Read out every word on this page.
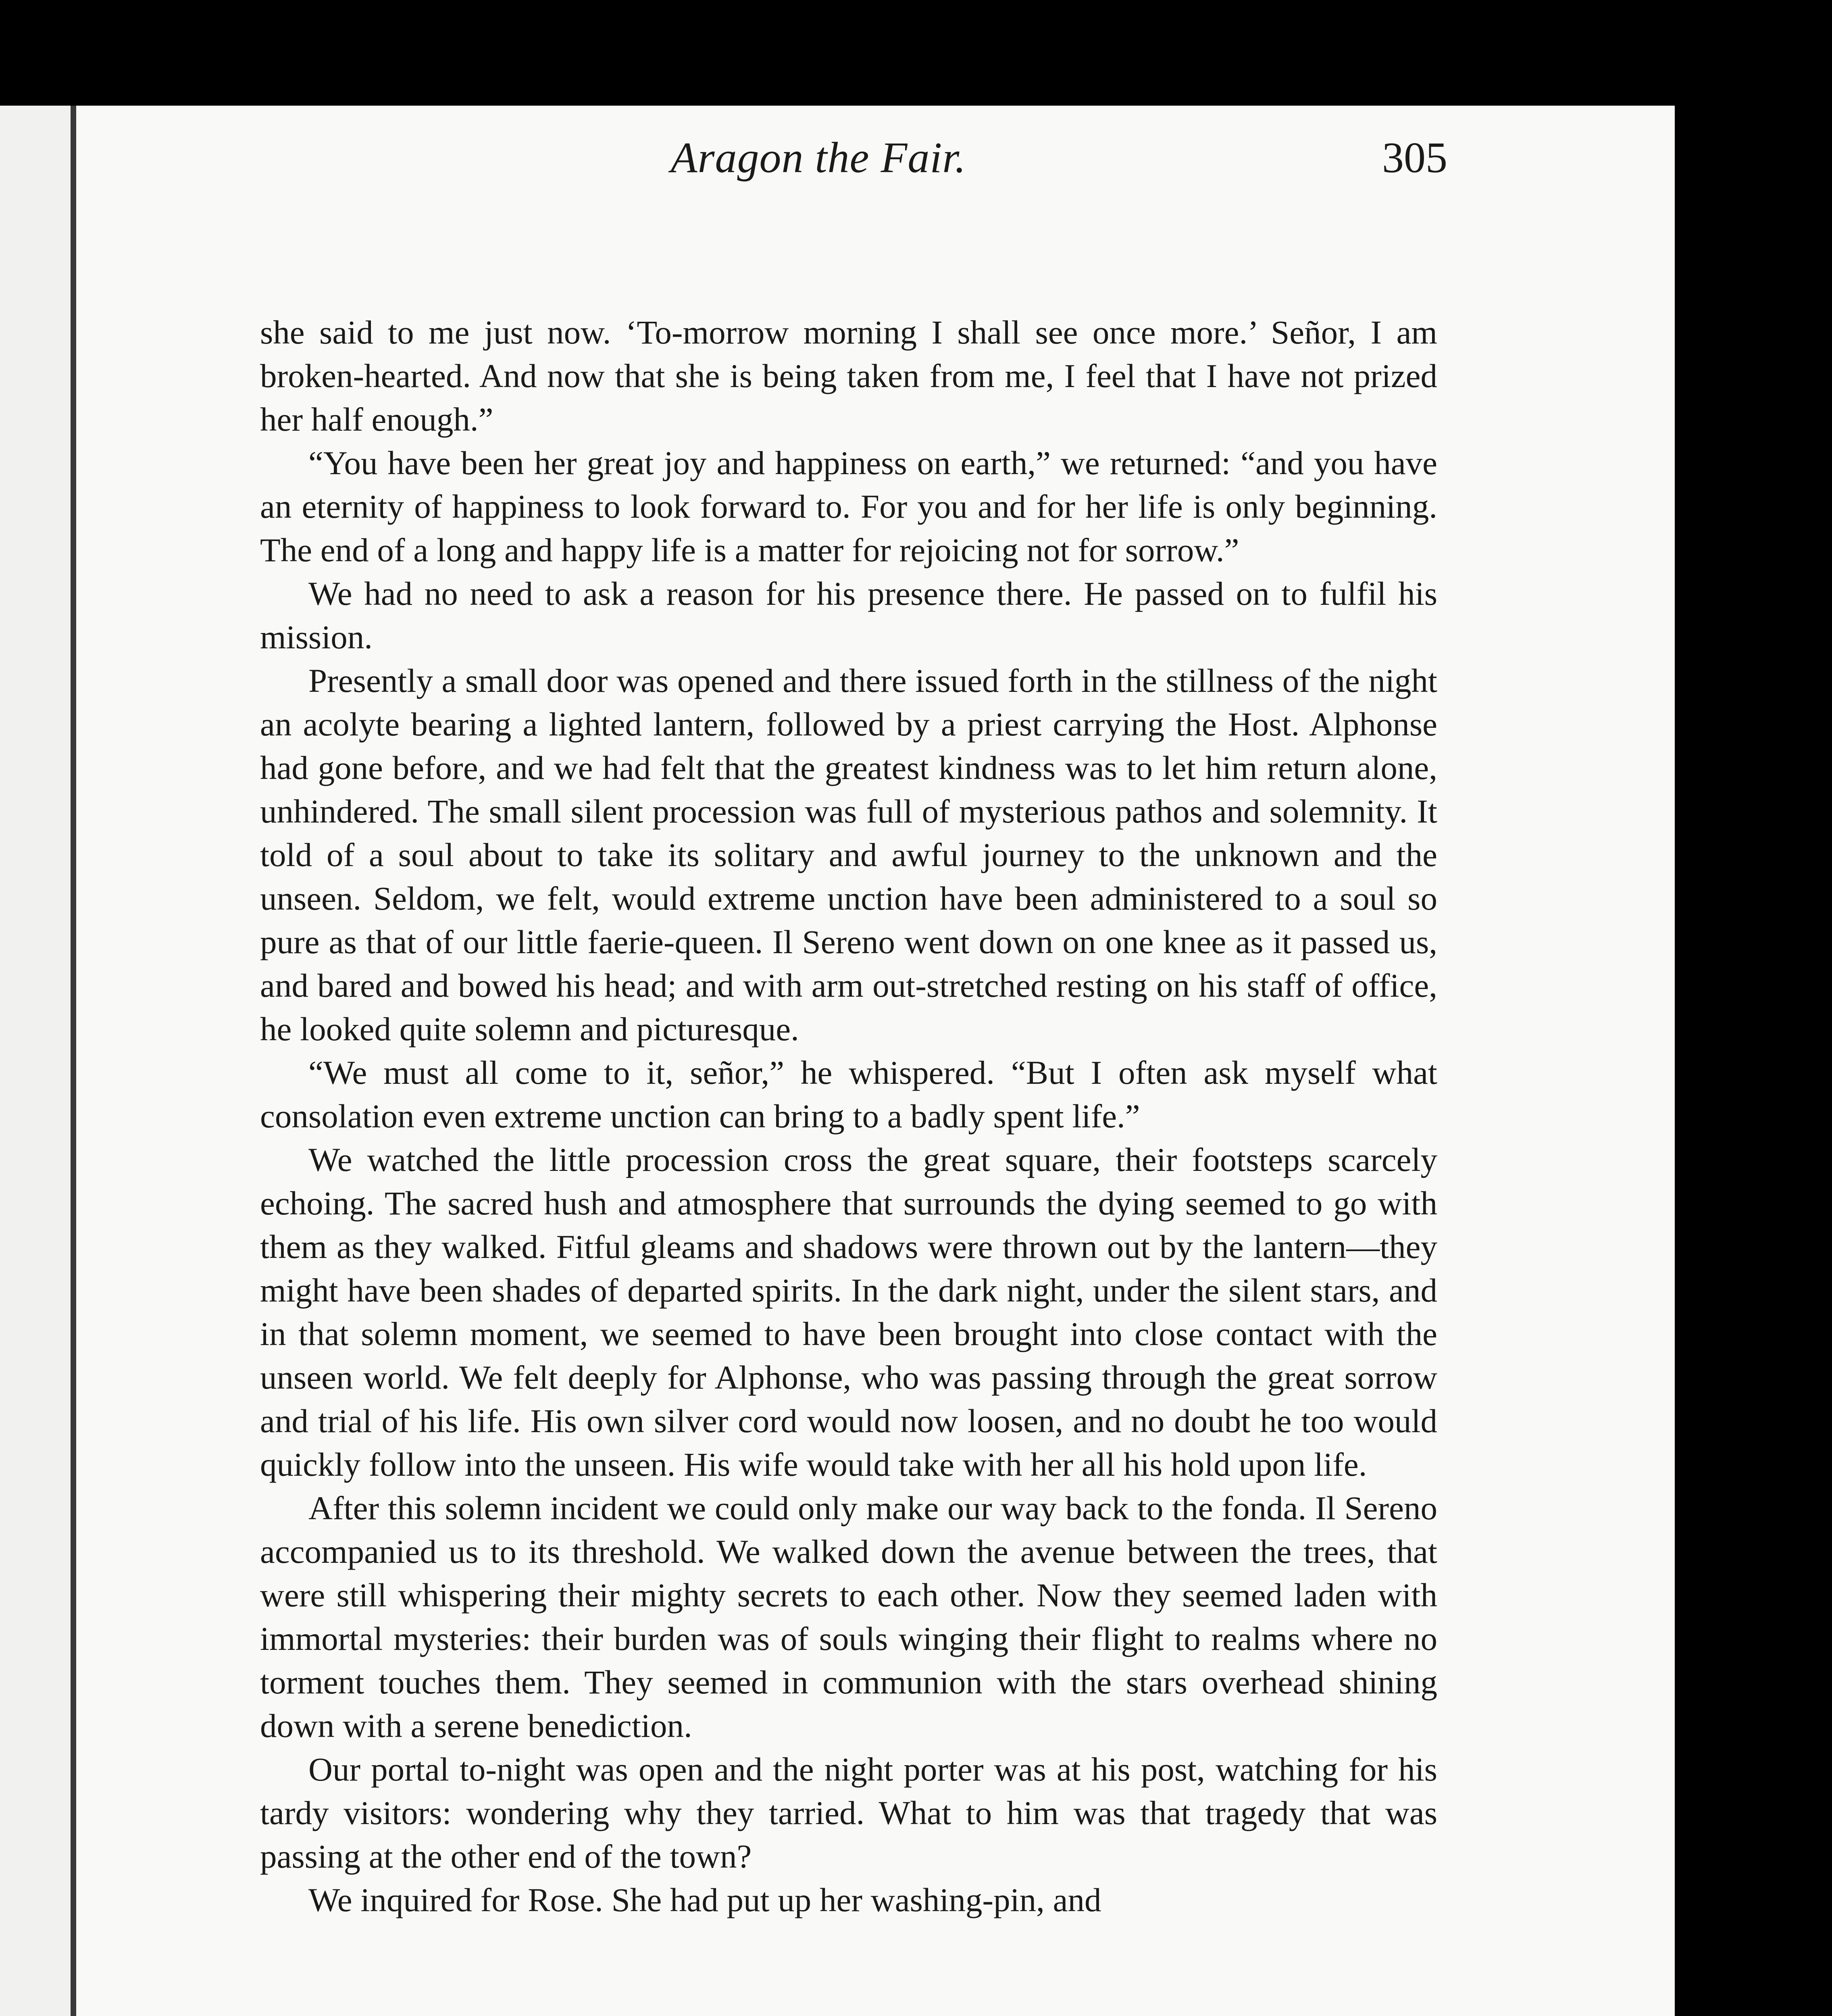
Aragon the Fair.	305

she said to me just now. ‘To-morrow morning I shall see once more.’ Señor, I am broken-hearted. And now that she is being taken from me, I feel that I have not prized her half enough.”

“You have been her great joy and happiness on earth,” we returned: “and you have an eternity of happiness to look forward to. For you and for her life is only beginning. The end of a long and happy life is a matter for rejoicing not for sorrow.”

We had no need to ask a reason for his presence there. He passed on to fulfil his mission.

Presently a small door was opened and there issued forth in the stillness of the night an acolyte bearing a lighted lantern, followed by a priest carrying the Host. Alphonse had gone before, and we had felt that the greatest kindness was to let him return alone, unhindered. The small silent procession was full of mysterious pathos and solemnity. It told of a soul about to take its solitary and awful journey to the unknown and the unseen. Seldom, we felt, would extreme unction have been administered to a soul so pure as that of our little faerie-queen. Il Sereno went down on one knee as it passed us, and bared and bowed his head; and with arm out-stretched resting on his staff of office, he looked quite solemn and picturesque.

“We must all come to it, señor,” he whispered. “But I often ask myself what consolation even extreme unction can bring to a badly spent life.”

We watched the little procession cross the great square, their footsteps scarcely echoing. The sacred hush and atmosphere that surrounds the dying seemed to go with them as they walked. Fitful gleams and shadows were thrown out by the lantern—they might have been shades of departed spirits. In the dark night, under the silent stars, and in that solemn moment, we seemed to have been brought into close contact with the unseen world. We felt deeply for Alphonse, who was passing through the great sorrow and trial of his life. His own silver cord would now loosen, and no doubt he too would quickly follow into the unseen. His wife would take with her all his hold upon life.

After this solemn incident we could only make our way back to the fonda. Il Sereno accompanied us to its threshold. We walked down the avenue between the trees, that were still whispering their mighty secrets to each other. Now they seemed laden with immortal mysteries: their burden was of souls winging their flight to realms where no torment touches them. They seemed in communion with the stars overhead shining down with a serene benediction.

Our portal to-night was open and the night porter was at his post, watching for his tardy visitors: wondering why they tarried. What to him was that tragedy that was passing at the other end of the town?

We inquired for Rose. She had put up her washing-pin, and
